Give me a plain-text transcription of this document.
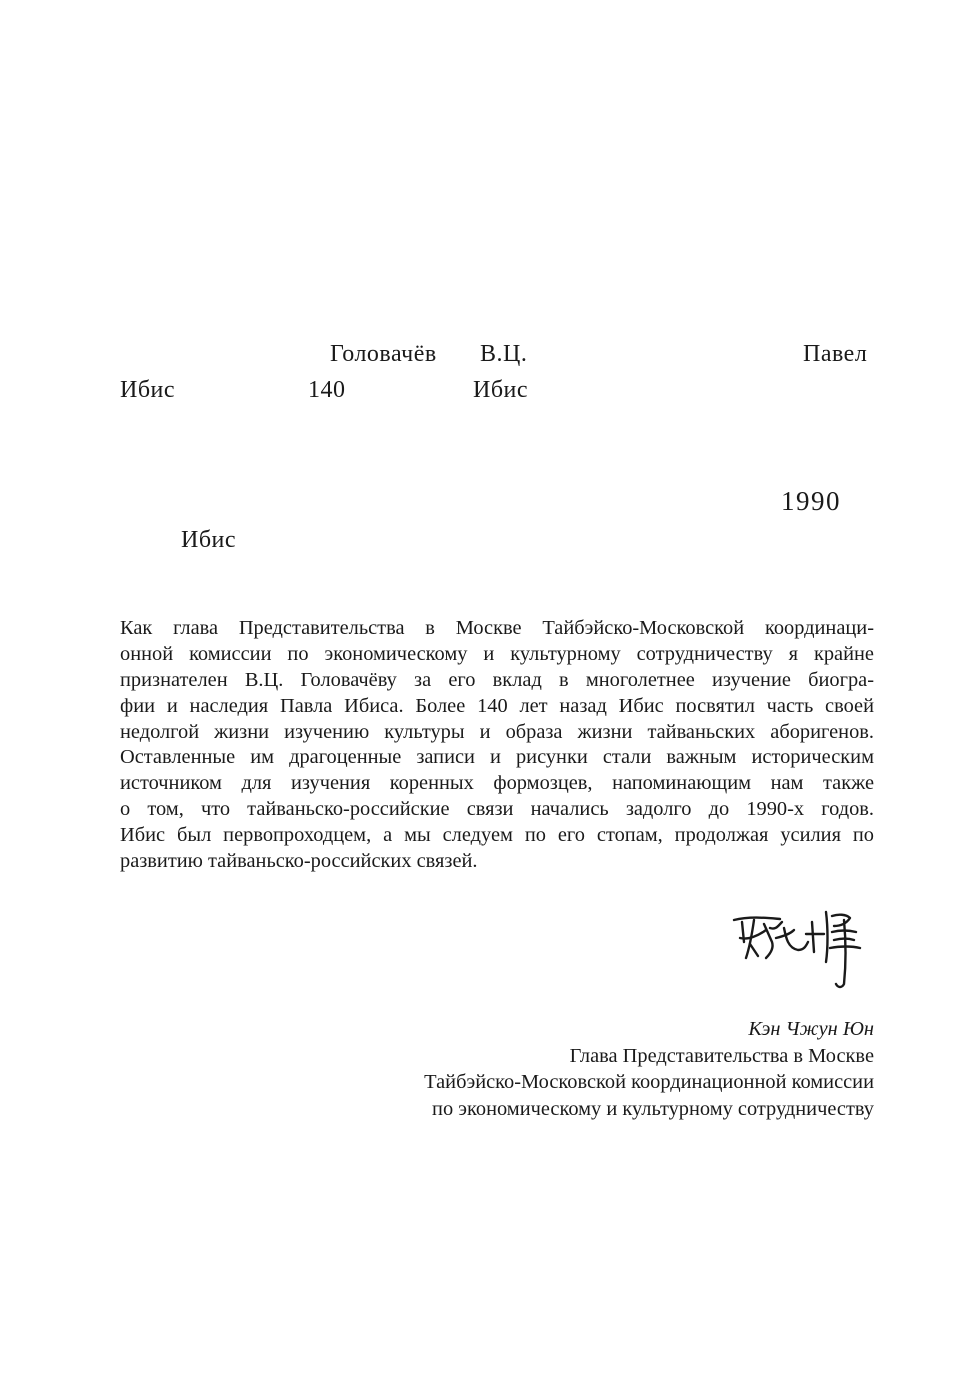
Головачёв В.Ц.	Павел
Ибис	140	Ибис
1990
Ибис
Как глава Представительства в Москве Тайбэйско-Московской координаци-
онной комиссии по экономическому и культурному сотрудничеству я крайне
признателен В.Ц. Головачёву за его вклад в многолетнее изучение биогра-
фии и наследия Павла Ибиса. Более 140 лет назад Ибис посвятил часть своей
недолгой жизни изучению культуры и образа жизни тайваньских аборигенов.
Оставленные им драгоценные записи и рисунки стали важным историческим
источником для изучения коренных формозцев, напоминающим нам также
о том, что тайваньско-российские связи начались задолго до 1990-х годов.
Ибис был первопроходцем, а мы следуем по его стопам, продолжая усилия по
развитию тайваньско-российских связей.
Кэн Чжун Юн
Глава Представительства в Москве
Тайбэйско-Московской координационной комиссии
по экономическому и культурному сотрудничеству
